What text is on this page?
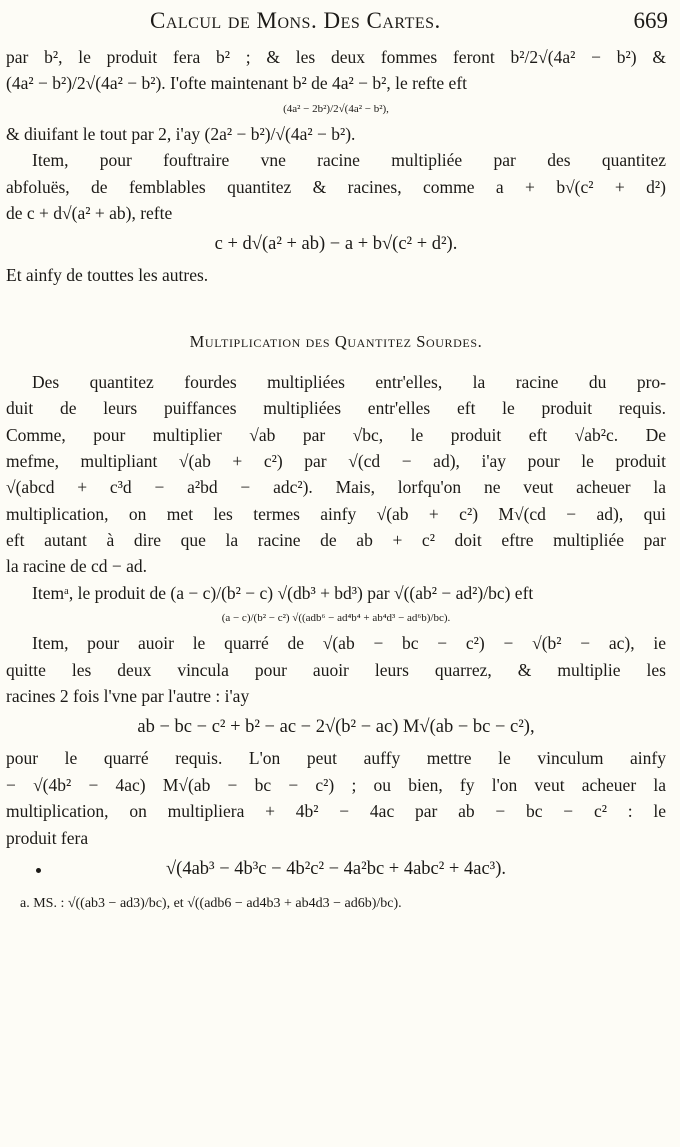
Calcul de Mons. Des Cartes.	669
par b², le produit fera b² ; & les deux fommes feront b²/2√(4a² − b²) &
(4a² − b²)/2√(4a² − b²). I'ofte maintenant b² de 4a² − b², le refte eft
(4a² − 2b²)/2√(4a² − b²),
& diuifant le tout par 2, i'ay (2a² − b²)/√(4a² − b²).
Item, pour fouftraire vne racine multipliée par des quantitez
abfoluës, de femblables quantitez & racines, comme a + b√(c² + d²)
de c + d√(a² + ab), refte
c + d√(a² + ab) − a + b√(c² + d²).
Et ainfy de touttes les autres.
Multiplication des Quantitez Sourdes.
Des quantitez fourdes multipliées entr'elles, la racine du pro-
duit de leurs puiffances multipliées entr'elles eft le produit requis.
Comme, pour multiplier √ab par √bc, le produit eft √ab²c. De
mefme, multipliant √(ab + c²) par √(cd − ad), i'ay pour le produit
√(abcd + c³d − a²bd − adc²). Mais, lorfqu'on ne veut acheuer la
multiplication, on met les termes ainfy √(ab + c²) M√(cd − ad), qui
eft autant à dire que la racine de ab + c² doit eftre multipliée par
la racine de cd − ad.
Itemᵃ, le produit de (a − c)/(b² − c) √(db³ + bd³) par √((ab² − ad²)/bc) eft
(a − c)/(b² − c²) √((adb⁶ − ad⁴b⁴ + ab⁴d³ − ad⁶b)/bc).
Item, pour auoir le quarré de √(ab − bc − c²) − √(b² − ac), ie
quitte les deux vincula pour auoir leurs quarrez, & multiplie les
racines 2 fois l'vne par l'autre : i'ay
ab − bc − c² + b² − ac − 2√(b² − ac) M√(ab − bc − c²),
pour le quarré requis. L'on peut auffy mettre le vinculum ainfy
− √(4b² − 4ac) M√(ab − bc − c²) ; ou bien, fy l'on veut acheuer la
multiplication, on multipliera + 4b² − 4ac par ab − bc − c² : le
produit fera
√(4ab³ − 4b³c − 4b²c² − 4a²bc + 4abc² + 4ac³).
a. MS. : √((ab3 − ad3)/bc), et √((adb6 − ad4b3 + ab4d3 − ad6b)/bc).
